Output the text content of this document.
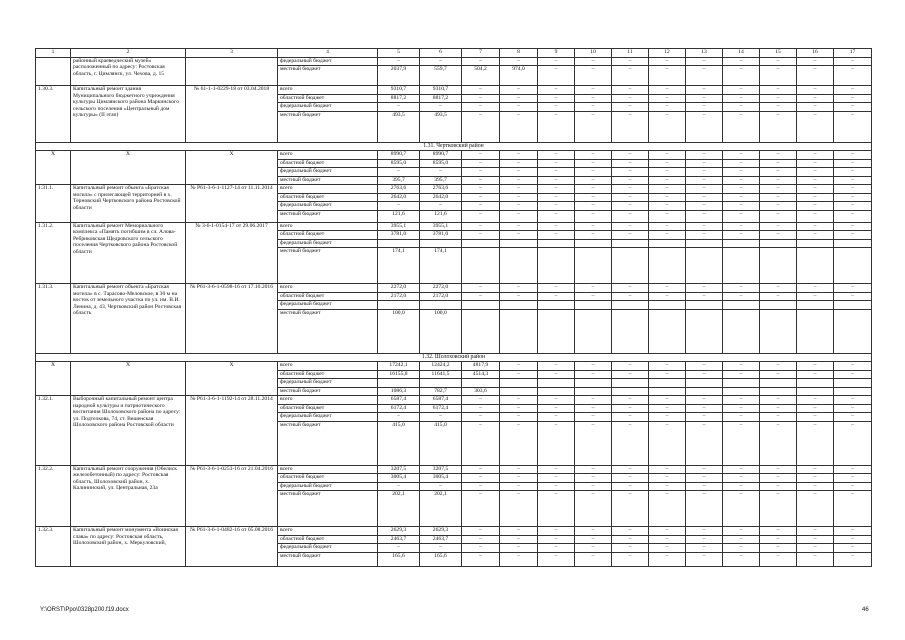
1	2	3	4	5	6	7	8	9	10	11	12	13	14	15	16	17
	районный краеведческий музей» расположенный по адресу: Ростовская область, г. Цимлянск, ул. Чехова, д. 15		федеральный бюджет	–	–	–	–	–	–	–	–	–	–	–	–	–
			местный бюджет	2037,9	559,7	504,2	974,0	–	–	–	–	–	–	–	–	–
1.30.3.	Капитальный ремонт здания Муниципального бюджетного учреждения культуры Цимлянского района Маркинского сельского поселения «Центральный дом культуры» (II этап)	№ 61-1-1-0229-18 от 03.04.2018	всего	9310,7	9310,7	–	–	–	–	–	–	–	–	–	–	–
			областной бюджет	8817,2	8817,2	–	–	–	–	–	–	–	–	–	–	–
			федеральный бюджет	–	–	–	–	–	–	–	–	–	–	–	–	–
			местный бюджет	493,5	493,5	–	–	–	–	–	–	–	–	–	–	–
1.31. Чертковский район																
Х	Х	Х	всего	8990,7	8990,7	–	–	–	–	–	–	–	–	–	–	–
			областной бюджет	8595,0	8595,0	–	–	–	–	–	–	–	–	–	–	–
			федеральный бюджет	–	–	–	–	–	–	–	–	–	–	–	–	–
			местный бюджет	395,7	395,7	–	–	–	–	–	–	–	–	–	–	–
1.31.1.	Капитальный ремонт объекта «Братская могила» с прилегающей территорией в х. Терновский Чертковского района Ростовской области	№ Р61-3-6-1-1127-14 от 11.11.2014	всего	2763,6	2763,6	–	–	–	–	–	–	–	–	–	–	–
			областной бюджет	2642,0	2642,0	–	–	–	–	–	–	–	–	–	–	–
			федеральный бюджет	–	–	–	–	–	–	–	–	–	–	–	–	–
			местный бюджет	121,6	121,6	–	–	–	–	–	–	–	–	–	–	–
1.31.2.	Капитальный ремонт Мемориального комплекса «Память погибшим в сл. Алова-Ребриковская Щедровского сельского поселения Чертковского района Ростовской области	№ 3-6-1-0154-17 от 29.06.2017	всего	3955,1	3955,1	–	–	–	–	–	–	–	–	–	–	–
			областной бюджет	3781,0	3781,0	–	–	–	–	–	–	–	–	–	–	–
			федеральный бюджет													
			местный бюджет	174,1	174,1											
1.31.3.	Капитальный ремонт объекта «Братская могила» в с. Тарасово-Меловское, в 30 м на восток от земельного участка по ул. им. В.И. Ленина, д. 43, Чертковский район Ростовская область	№ Р61-3-6-1-0598-16 от 17.10.2016	всего	2272,0	2272,0	–	–	–	–	–	–	–	–	–	–	–
			областной бюджет	2172,0	2172,0	–	–	–	–	–	–	–	–	–	–	–
			федеральный бюджет													
			местный бюджет	100,0	100,0											
1.32. Шолоховский район																
Х	Х	Х	всего	17242,1	12424,2	4817,9	–	–	–	–	–	–	–	–	–	–
			областной бюджет	16155,8	11641,5	4514,3	–	–	–	–	–	–	–	–	–	–
			федеральный бюджет													
			местный бюджет	1086,3	782,7	303,6										
1.32.1.	Выборочный капитальный ремонт центра народной культуры и патриотического воспитания Шолоховского района по адресу: ул. Подтелкова, 74, ст. Вешенская Шолоховского района Ростовской области	№ Р61-3-6-1-1192-14 от 28.11.2014	всего	6587,4	6587,4	–	–	–	–	–	–	–	–	–	–	–
			областной бюджет	6172,4	6172,4	–	–	–	–	–	–	–	–	–	–	–
			федеральный бюджет	–	–	–	–	–	–	–	–	–	–	–	–	–
			местный бюджет	415,0	415,0	–	–	–	–	–	–	–	–	–	–	–
1.32.2.	Капитальный ремонт сооружения (Обелиск железобетонный) по адресу: Ростовская область, Шолоховский район, х. Калининский, ул. Центральная, 23а	№ Р61-3-6-1-0253-16 от 21.04.2016	всего	3207,5	3207,5	–	–	–	–	–	–	–	–	–	–	–
			областной бюджет	3005,4	3005,4	–	–	–	–	–	–	–	–	–	–	–
			федеральный бюджет	–	–	–	–	–	–	–	–	–	–	–	–	–
			местный бюджет	202,1	202,1	–	–	–	–	–	–	–	–	–	–	–
1.32.3.	Капитальный ремонт монумента «Воинская слава» по адресу: Ростовская область, Шолоховский район, х. Меркуловский,	№ Р61-3-6-1-0482-16 от 05.08.2016	всего	2629,3	2629,3	–	–	–	–	–	–	–	–	–	–	–
			областной бюджет	2463,7	2463,7	–	–	–	–	–	–	–	–	–	–	–
			федеральный бюджет	–	–	–	–	–	–	–	–	–	–	–	–	–
			местный бюджет	165,6	165,6	–	–	–	–	–	–	–	–	–	–	–
Y:\ORST\Ppo\0328p200.f19.docx	46
